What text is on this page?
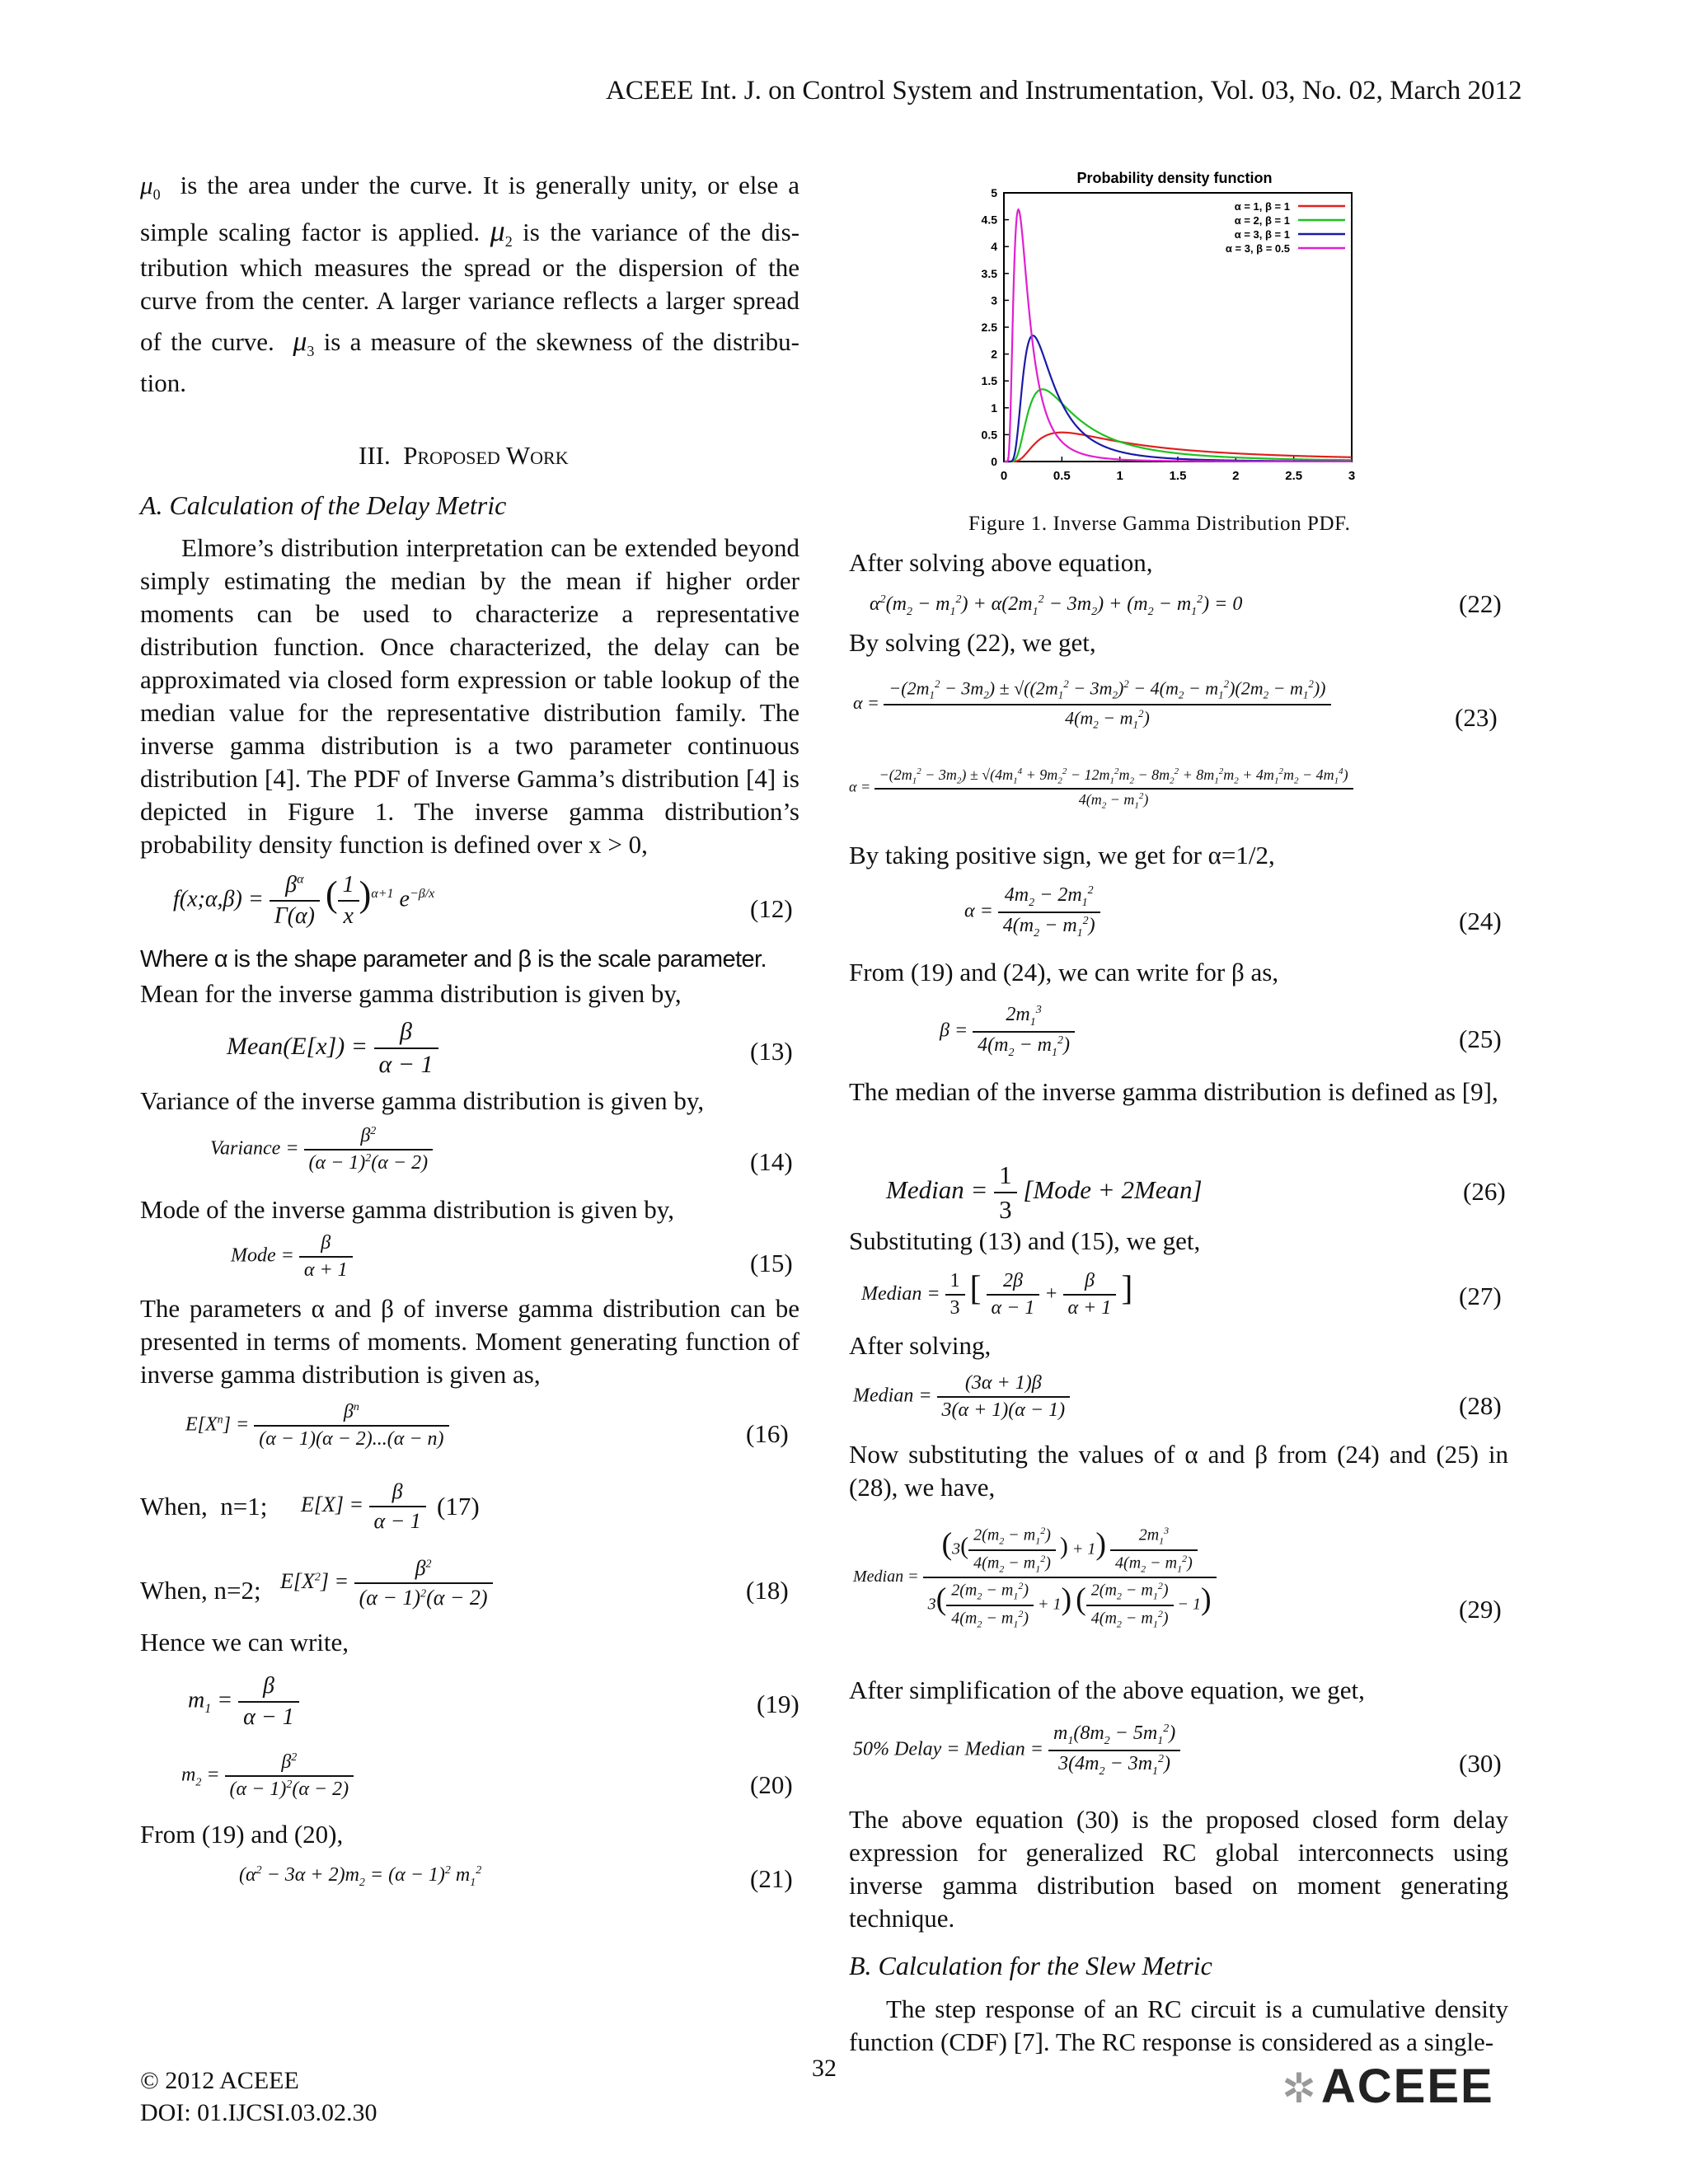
ACEEE Int. J. on Control System and Instrumentation, Vol. 03, No. 02, March 2012
$\mu_0$ is the area under the curve. It is generally unity, or else a
simple scaling factor is applied. $\mu_2$ is the variance of the dis-
tribution which measures the spread or the dispersion of the
curve from the center. A larger variance reflects a larger spread
of the curve. $\mu_3$ is a measure of the skewness of the distribu-
tion.
III. Proposed Work
A. Calculation of the Delay Metric
Elmore’s distribution interpretation can be extended beyond simply estimating the median by the mean if higher order moments can be used to characterize a representative distribution function. Once characterized, the delay can be approximated via closed form expression or table lookup of the median value for the representative distribution family. The inverse gamma distribution is a two parameter continuous distribution [4]. The PDF of Inverse Gamma’s distribution [4] is depicted in Figure 1. The inverse gamma distribution’s probability density function is defined over x > 0,
f(x;α,β) = $\frac{\beta^\alpha}{\Gamma(\alpha)}$ ( $\frac{1}{x} )^{\alpha+1}$ $e^{-\beta/x}$
(12)
Where α is the shape parameter and β is the scale parameter.
Mean for the inverse gamma distribution is given by,
Mean(E[x]) = $\frac{\beta}{\alpha - 1}$	(13)
Variance of the inverse gamma distribution is given by,
Variance = $\frac{\beta^2}{(\alpha - 1)^2(\alpha - 2)}$	(14)
Mode of the inverse gamma distribution is given by,
Mode = $\frac{\beta}{\alpha + 1}$	(15)
The parameters α and β of inverse gamma distribution can be presented in terms of moments. Moment generating function of inverse gamma distribution is given as,
$E[X^n] = \frac{\beta^n}{(\alpha - 1)(\alpha - 2)...(\alpha - n)}$	(16)
When,  n=1; $E[X] = \frac{\beta}{\alpha - 1} (17)$
When, n=2; $E[X^2] = \frac{\beta^2}{(\alpha - 1)^2(\alpha - 2)}$	(18)
Hence we can write,
$m_1 = \frac{\beta}{\alpha - 1}$	(19)
$m_2 = \frac{\beta^2}{(\alpha - 1)^2(\alpha - 2)}$	(20)
From (19) and (20),
$(\alpha^2 - 3\alpha + 2)m_2 = (\alpha - 1)^2$ $m_1^2$	(21)
0	0.5	1	1.5	2	2.5	3
0
0.5
1
1.5
2
2.5
3
3.5
4
4.5
5
α = 1, β = 1
α = 2, β = 1
α = 3, β = 1
α = 3, β = 0.5
Probability density function
Figure 1. Inverse Gamma Distribution PDF.
After solving above equation,
$\alpha^2(m_2 - m_1^2) + \alpha(2m_1^2 - 3m_2) + (m_2 - m_1^2) = 0$	(22)
By solving (22), we get,
$\alpha = \frac{-(2m_1^2 - 3m_2) \pm √((2m_1^2 - 3m_2)^2 - 4(m_2 - m_1^2)(2m_2 - m_1^2))}{4(m_2 - m_1^2)}$	(23)
α =
$-(2m_1^2 - 3m_2) \pm √(4m_1^4 + 9m_2^2 - 12m_1^2m_2 - 8m_2^2 + 8m_1^2m_2 + 4m_1^2m_2 - 4m_1^4)$
$4(m_2 - m_1^2)$
By taking positive sign, we get for α=1/2,
$\alpha = \frac{4m_2 - 2m_1^2}{4(m_2 - m_1^2)}$	(24)
From (19) and (24), we can write for β as,
$\beta = \frac{2m_1^3}{4(m_2 - m_1^2)}$	(25)
The median of the inverse gamma distribution is defined as [9],
Median = $\frac{1}{3}$ [Mode + 2Mean]	(26)
Substituting (13) and (15), we get,
Median = $\frac{1}{3}$ [ $\frac{2\beta}{\alpha - 1} + \frac{\beta}{\alpha + 1}$ ]	(27)
After solving,
Median = $\frac{(3\alpha + 1)\beta}{3(\alpha + 1)(\alpha - 1)}$	(28)
Now substituting the values of α and β from (24) and (25) in (28), we have,
Median =
($3( \frac{2(m_2 - m_1^2)}{4(m_2 - m_1^2)}$ ) + $1) \frac{2m_1^3}{4(m_2 - m_1^2)}$
$3( \frac{2(m_2 - m_1^2)}{4(m_2 - m_1^2)} + 1)$ ( $\frac{2(m_2 - m_1^2)}{4(m_2 - m_1^2)} - 1$)	(29)
After simplification of the above equation, we get,
50% Delay = Median = $\frac{m_1(8m_2 - 5m_1^2)}{3(4m_2 - 3m_1^2)}$	(30)
The above equation (30) is the proposed closed form delay expression for generalized RC global interconnects using inverse gamma distribution based on moment generating technique.
B. Calculation for the Slew Metric
The step response of an RC circuit is a cumulative density function (CDF) [7]. The RC response is considered as a single-
32
© 2012 ACEEE
DOI: 01.IJCSI.03.02.30
✲ACEEE
